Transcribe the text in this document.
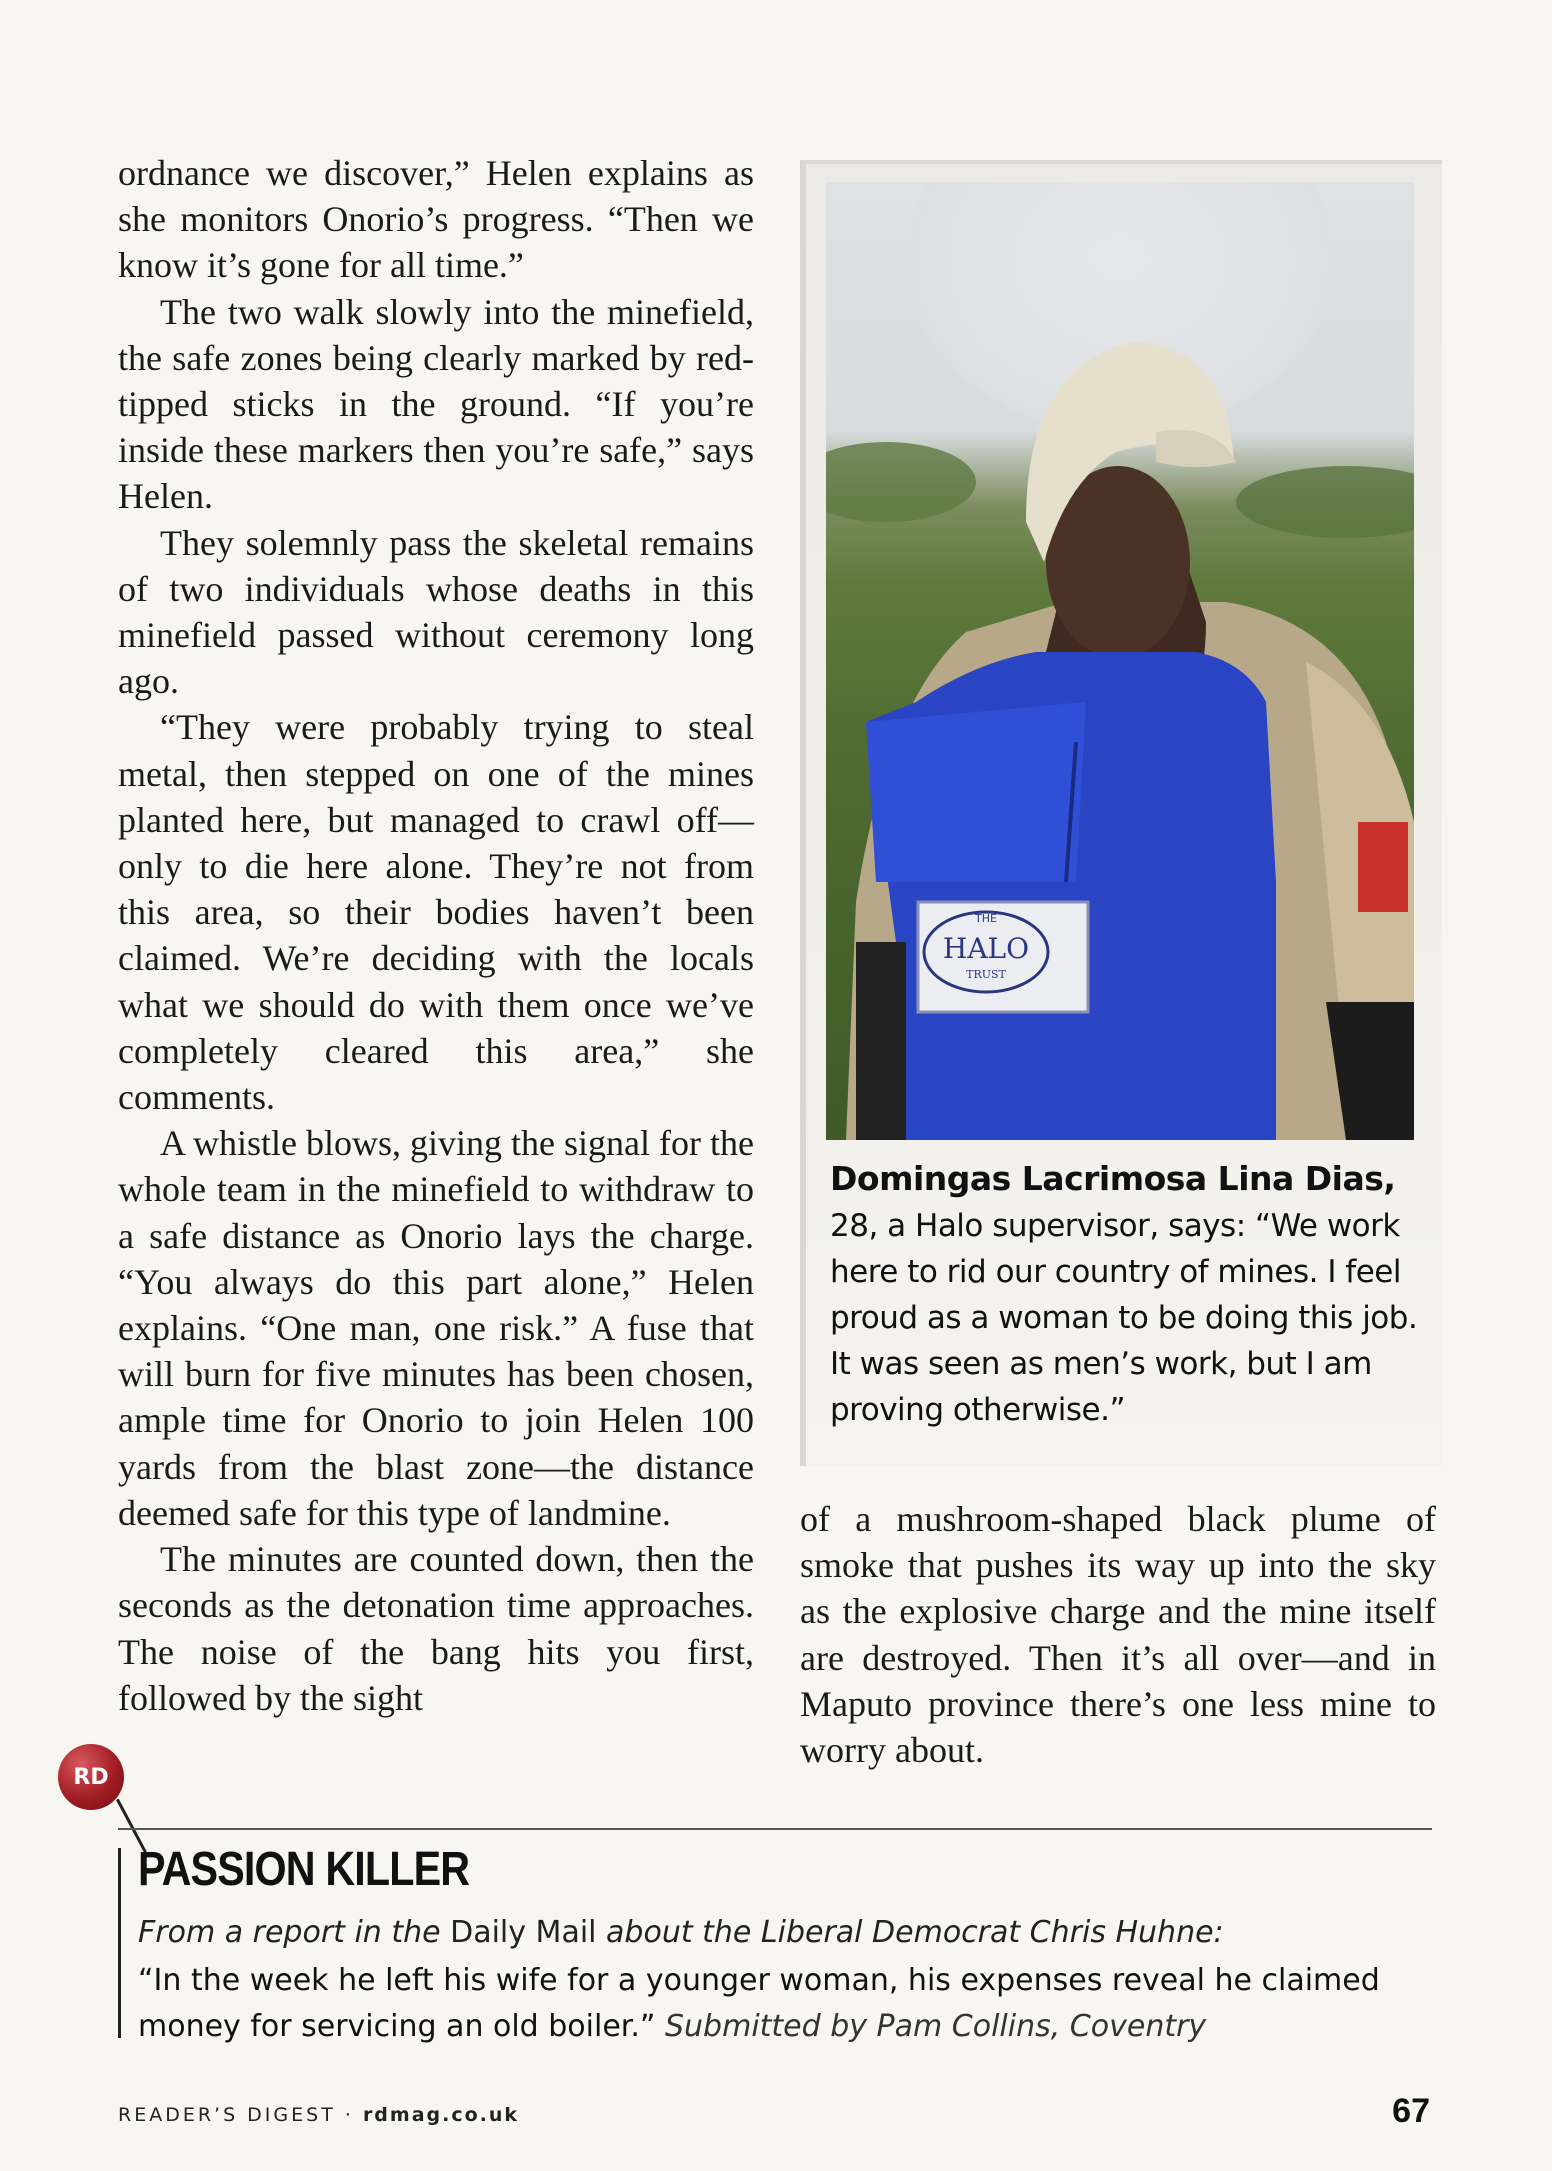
ordnance we discover,” Helen explains as she monitors Onorio’s progress. “Then we know it’s gone for all time.”

The two walk slowly into the minefield, the safe zones being clearly marked by red-tipped sticks in the ground. “If you’re inside these markers then you’re safe,” says Helen.

They solemnly pass the skeletal remains of two individuals whose deaths in this minefield passed without ceremony long ago.

“They were probably trying to steal metal, then stepped on one of the mines planted here, but managed to crawl off—only to die here alone. They’re not from this area, so their bodies haven’t been claimed. We’re deciding with the locals what we should do with them once we’ve completely cleared this area,” she comments.

A whistle blows, giving the signal for the whole team in the minefield to withdraw to a safe distance as Onorio lays the charge. “You always do this part alone,” Helen explains. “One man, one risk.” A fuse that will burn for five minutes has been chosen, ample time for Onorio to join Helen 100 yards from the blast zone—the distance deemed safe for this type of landmine.

The minutes are counted down, then the seconds as the detonation time approaches. The noise of the bang hits you first, followed by the sight

THE
HALO
TRUST
Domingas Lacrimosa Lina Dias, 28, a Halo supervisor, says: “We work here to rid our country of mines. I feel proud as a woman to be doing this job. It was seen as men’s work, but I am proving otherwise.”

of a mushroom-shaped black plume of smoke that pushes its way up into the sky as the explosive charge and the mine itself are destroyed. Then it’s all over—and in Maputo province there’s one less mine to worry about.

RD
PASSION KILLER
From a report in the Daily Mail about the Liberal Democrat Chris Huhne:
“In the week he left his wife for a younger woman, his expenses reveal he claimed money for servicing an old boiler.” Submitted by Pam Collins, Coventry
READER’S DIGEST · rdmag.co.uk	67
